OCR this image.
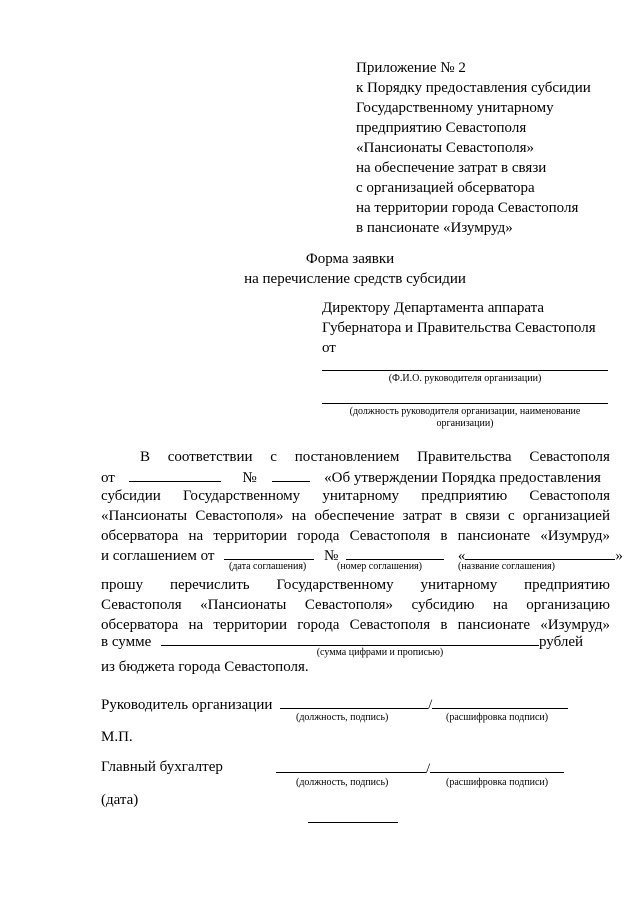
Приложение № 2
к Порядку предоставления субсидии
Государственному унитарному
предприятию Севастополя
«Пансионаты Севастополя»
на обеспечение затрат в связи
с организацией обсерватора
на территории города Севастополя
в пансионате «Изумруд»
Форма заявки
на перечисление средств субсидии
Директору Департамента аппарата
Губернатора и Правительства Севастополя
от
(Ф.И.О. руководителя организации)
(должность руководителя организации, наименование
организации)
В соответствии с постановлением Правительства Севастополя
от	№	«Об утверждении Порядка предоставления
субсидии Государственному унитарному предприятию Севастополя
«Пансионаты Севастополя» на обеспечение затрат в связи с организацией
обсерватора на территории города Севастополя в пансионате «Изумруд»
и соглашением от	№	«	»
(дата соглашения)	(номер соглашения)	(название соглашения)
прошу перечислить Государственному унитарному предприятию
Севастополя «Пансионаты Севастополя» субсидию на организацию
обсерватора на территории города Севастополя в пансионате «Изумруд»
в сумме	рублей
(сумма цифрами и прописью)
из бюджета города Севастополя.
Руководитель организации	/
(должность, подпись)	(расшифровка подписи)
М.П.
Главный бухгалтер	/
(должность, подпись)	(расшифровка подписи)
(дата)
